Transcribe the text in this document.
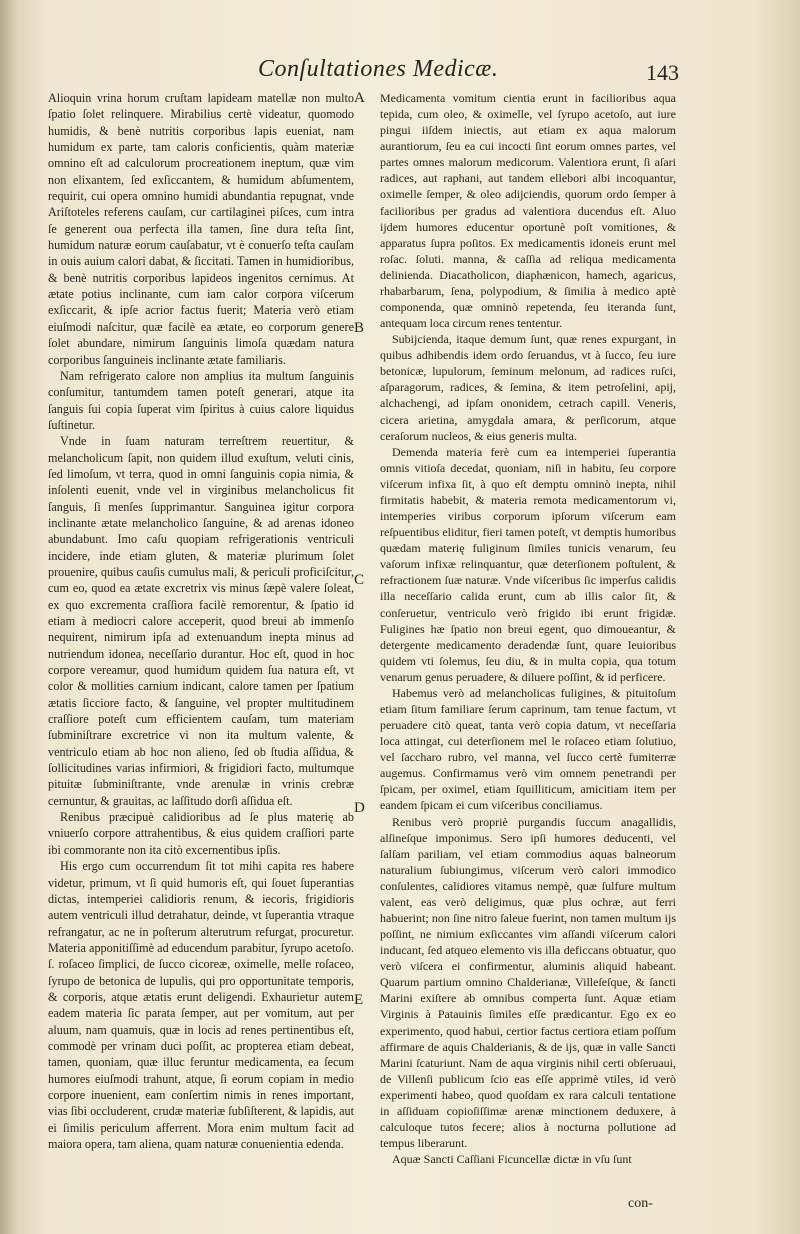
Conſultationes Medicæ.	143

Alioquin vrina horum cruſtam lapideam matellæ non multo ſpatio ſolet relinquere. Mirabilius certè videatur, quomodo humidis, & benè nutritis corporibus lapis eueniat, nam humidum ex parte, tam caloris conficientis, quàm materiæ omnino eſt ad calculorum procreationem ineptum, quæ vim non elixantem, ſed exſiccantem, & humidum abſumentem, requirit, cui opera omnino humidi abundantia repugnat, vnde Ariſtoteles referens cauſam, cur cartilaginei piſces, cum intra ſe generent oua perfecta illa tamen, ſine dura teſta ſint, humidum naturæ eorum cauſabatur, vt è conuerſo teſta cauſam in ouis auium calori dabat, & ſiccitati. Tamen in humidioribus, & benè nutritis corporibus lapideos ingenitos cernimus. At ætate potius inclinante, cum iam calor corpora viſcerum exſiccarit, & ipſe acrior factus fuerit; Materia verò etiam eiuſmodi naſcitur, quæ facilè ea ætate, eo corporum genere ſolet abundare, nimirum ſanguinis limoſa quædam natura corporibus ſanguineis inclinante ætate familiaris.

Nam refrigerato calore non amplius ita multum ſanguinis conſumitur, tantumdem tamen poteſt generari, atque ita ſanguis ſui copia ſuperat vim ſpiritus à cuius calore liquidus ſuſtinetur.

Vnde in ſuam naturam terreſtrem reuertitur, & melancholicum ſapit, non quidem illud exuſtum, veluti cinis, ſed limoſum, vt terra, quod in omni ſanguinis copia nimia, & inſolenti euenit, vnde vel in virginibus melancholicus fit ſanguis, ſi menſes ſupprimantur. Sanguinea igitur corpora inclinante ætate melancholico ſanguine, & ad arenas idoneo abundabunt. Imo caſu quopiam refrigerationis ventriculi incidere, inde etiam gluten, & materiæ plurimum ſolet prouenire, quibus cauſis cumulus mali, & periculi proficiſcitur, cum eo, quod ea ætate excretrix vis minus ſæpè valere ſoleat, ex quo excrementa craſſiora facilè remorentur, & ſpatio id etiam à mediocri calore acceperit, quod breui ab immenſo nequirent, nimirum ipſa ad extenuandum inepta minus ad nutriendum idonea, neceſſario durantur. Hoc eſt, quod in hoc corpore vereamur, quod humidum quidem ſua natura eſt, vt color & mollities carnium indicant, calore tamen per ſpatium ætatis ſicciore facto, & ſanguine, vel propter multitudinem craſſiore poteſt cum efficientem cauſam, tum materiam ſubminiſtrare excretrice vi non ita multum valente, & ventriculo etiam ab hoc non alieno, ſed ob ſtudia aſſidua, & ſollicitudines varias infirmiori, & frigidiori facto, multumque pituitæ ſubminiſtrante, vnde arenulæ in vrinis crebræ cernuntur, & grauitas, ac laſſitudo dorſi aſſidua eſt.

Renibus præcipuè calidioribus ad ſe plus materię ab vniuerſo corpore attrahentibus, & eius quidem craſſiori parte ibi commorante non ita citò excernentibus ipſis.

His ergo cum occurrendum ſit tot mihi capita res habere videtur, primum, vt ſi quid humoris eſt, qui ſouet ſuperantias dictas, intemperiei calidioris renum, & iecoris, frigidioris autem ventriculi illud detrahatur, deinde, vt ſuperantia vtraque refrangatur, ac ne in poſterum alterutrum refurgat, procuretur. Materia apponitiſſimè ad educendum parabitur, ſyrupo acetoſo. ſ. roſaceo ſimplici, de ſucco cicoreæ, oximelle, melle roſaceo, ſyrupo de betonica de lupulis, qui pro opportunitate temporis, & corporis, atque ætatis erunt deligendi. Exhaurietur autem eadem materia ſic parata ſemper, aut per vomitum, aut per aluum, nam quamuis, quæ in locis ad renes pertinentibus eſt, commodè per vrinam duci poſſit, ac propterea etiam debeat, tamen, quoniam, quæ illuc feruntur medicamenta, ea ſecum humores eiuſmodi trahunt, atque, ſi eorum copiam in medio corpore inuenient, eam conſertim nimis in renes important, vias ſibi occluderent, crudæ materiæ ſubſiſterent, & lapidis, aut ei ſimilis periculum afferrent. Mora enim multum facit ad maiora opera, tam aliena, quam naturæ conuenientia edenda.

A
B
C
D
E

Medicamenta vomitum cientia erunt in facilioribus aqua tepida, cum oleo, & oximelle, vel ſyrupo acetoſo, aut iure pingui iiſdem iniectis, aut etiam ex aqua malorum aurantiorum, ſeu ea cui incocti ſint eorum omnes partes, vel partes omnes malorum medicorum. Valentiora erunt, ſi aſari radices, aut raphani, aut tandem ellebori albi incoquantur, oximelle ſemper, & oleo adijciendis, quorum ordo ſemper à facilioribus per gradus ad valentiora ducendus eſt. Aluo ijdem humores educentur oportunè poſt vomitiones, & apparatus ſupra poſitos. Ex medicamentis idoneis erunt mel roſac. ſoluti. manna, & caſſia ad reliqua medicamenta delinienda. Diacatholicon, diaphænicon, hamech, agaricus, rhabarbarum, ſena, polypodium, & ſimilia à medico aptè componenda, quæ omninò repetenda, ſeu iteranda ſunt, antequam loca circum renes tententur.

Subijcienda, itaque demum ſunt, quæ renes expurgant, in quibus adhibendis idem ordo ſeruandus, vt à ſucco, ſeu iure betonicæ, lupulorum, ſeminum melonum, ad radices ruſci, aſparagorum, radices, & ſemina, & item petroſelini, apij, alchachengi, ad ipſam ononidem, cetrach capill. Veneris, cicera arietina, amygdala amara, & perſicorum, atque ceraſorum nucleos, & eius generis multa.

Demenda materia ferè cum ea intemperiei ſuperantia omnis vitioſa decedat, quoniam, niſi in habitu, ſeu corpore viſcerum infixa ſit, à quo eſt demptu omninò inepta, nihil firmitatis habebit, & materia remota medicamentorum vi, intemperies viribus corporum ipſorum viſcerum eam reſpuentibus eliditur, fieri tamen poteſt, vt demptis humoribus quædam materię fuliginum ſimiles tunicis venarum, ſeu vaſorum infixæ relinquantur, quæ deterſionem poſtulent, & refractionem ſuæ naturæ. Vnde viſceribus ſic imperſus calidis illa neceſſario calida erunt, cum ab illis calor ſit, & conſeruetur, ventriculo verò frigido ibi erunt frigidæ. Fuligines hæ ſpatio non breui egent, quo dimoueantur, & detergente medicamento deradendæ ſunt, quare leuioribus quidem vti ſolemus, ſeu diu, & in multa copia, qua totum venarum genus peruadere, & diluere poſſint, & id perficere.

Habemus verò ad melancholicas fuligines, & pituitoſum etiam ſitum familiare ſerum caprinum, tam tenue factum, vt peruadere citò queat, tanta verò copia datum, vt neceſſaria loca attingat, cui deterſionem mel le roſaceo etiam ſolutiuo, vel ſaccharo rubro, vel manna, vel ſucco certè fumiterræ augemus. Confirmamus verò vim omnem penetrandi per ſpicam, per oximel, etiam ſquilliticum, amicitiam item per eandem ſpicam ei cum viſceribus conciliamus.

Renibus verò propriè purgandis ſuccum anagallidis, alſineſque imponimus. Sero ipſi humores deducenti, vel ſalſam pariliam, vel etiam commodius aquas balneorum naturalium ſubiungimus, viſcerum verò calori immodico conſulentes, calidiores vitamus nempè, quæ ſulfure multum valent, eas verò deligimus, quæ plus ochræ, aut ferri habuerint; non ſine nitro ſaleue fuerint, non tamen multum ijs poſſint, ne nimium exſiccantes vim aſſandi viſcerum calori inducant, ſed atqueo elemento vis illa deficcans obtuatur, quo verò viſcera ei confirmentur, aluminis aliquid habeant. Quarum partium omnino Chalderianæ, Villeſeſque, & ſancti Marini exiſtere ab omnibus comperta ſunt. Aquæ etiam Virginis à Patauinis ſimiles eſſe prædicantur. Ego ex eo experimento, quod habui, certior factus certiora etiam poſſum affirmare de aquis Chalderianis, & de ijs, quæ in valle Sancti Marini ſcaturiunt. Nam de aqua virginis nihil certi obſeruaui, de Villenſi publicum ſcio eas eſſe apprimè vtiles, id verò experimenti habeo, quod quoſdam ex rara calculi tentatione in aſſiduam copioſiſſimæ arenæ minctionem deduxere, à calculoque tutos fecere; alios à nocturna pollutione ad tempus liberarunt.

Aquæ Sancti Caſſiani Ficuncellæ dictæ in vſu ſunt

con-
